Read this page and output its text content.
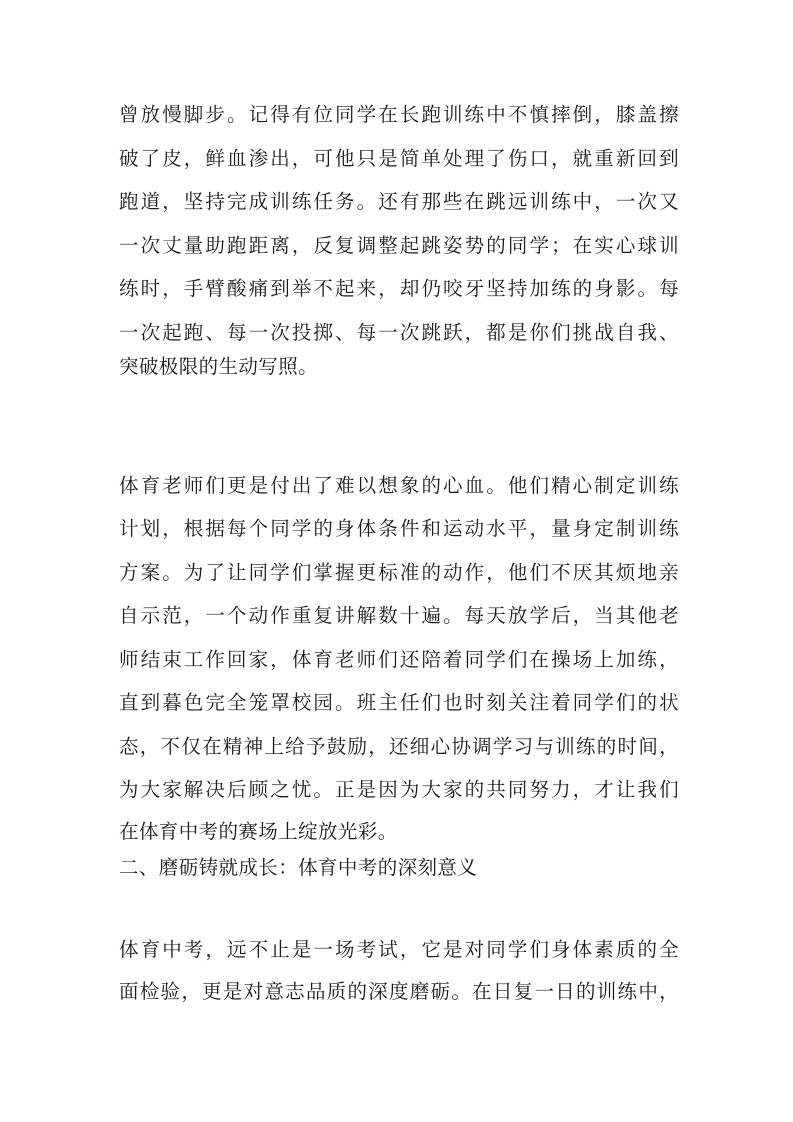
曾放慢脚步。记得有位同学在长跑训练中不慎摔倒，膝盖擦
破了皮，鲜血渗出，可他只是简单处理了伤口，就重新回到
跑道，坚持完成训练任务。还有那些在跳远训练中，一次又
一次丈量助跑距离，反复调整起跳姿势的同学；在实心球训
练时，手臂酸痛到举不起来，却仍咬牙坚持加练的身影。每
一次起跑、每一次投掷、每一次跳跃，都是你们挑战自我、
突破极限的生动写照。
体育老师们更是付出了难以想象的心血。他们精心制定训练
计划，根据每个同学的身体条件和运动水平，量身定制训练
方案。为了让同学们掌握更标准的动作，他们不厌其烦地亲
自示范，一个动作重复讲解数十遍。每天放学后，当其他老
师结束工作回家，体育老师们还陪着同学们在操场上加练，
直到暮色完全笼罩校园。班主任们也时刻关注着同学们的状
态，不仅在精神上给予鼓励，还细心协调学习与训练的时间，
为大家解决后顾之忧。正是因为大家的共同努力，才让我们
在体育中考的赛场上绽放光彩。
二、磨砺铸就成长：体育中考的深刻意义
体育中考，远不止是一场考试，它是对同学们身体素质的全
面检验，更是对意志品质的深度磨砺。在日复一日的训练中，
